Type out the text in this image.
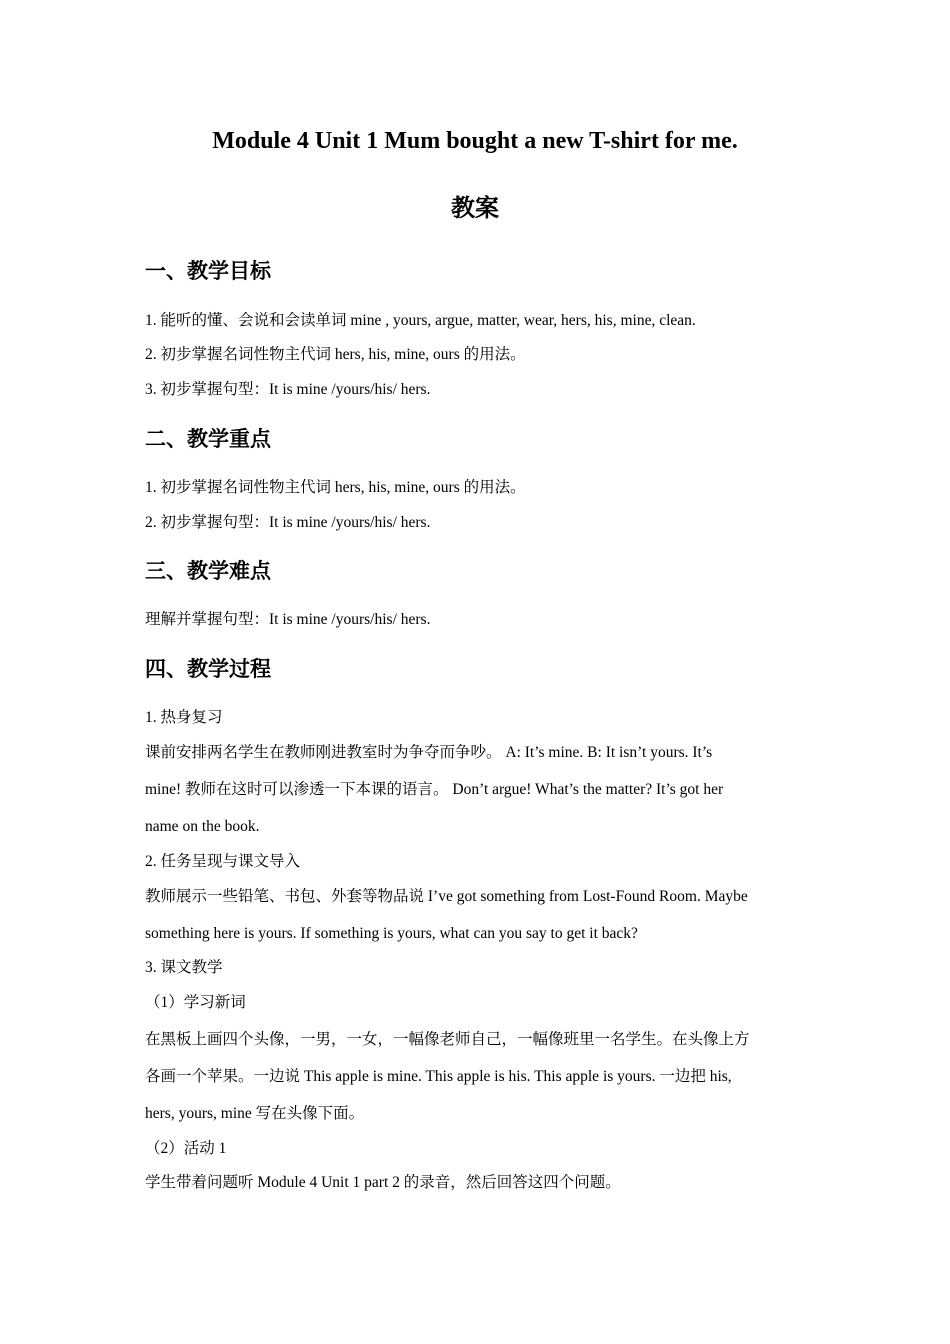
Module 4 Unit 1 Mum bought a new T-shirt for me.
教案
一、教学目标
1. 能听的懂、会说和会读单词 mine , yours, argue, matter, wear, hers, his, mine, clean.
2. 初步掌握名词性物主代词 hers, his, mine, ours 的用法。
3. 初步掌握句型：It is mine /yours/his/ hers.
二、教学重点
1. 初步掌握名词性物主代词 hers, his, mine, ours 的用法。
2. 初步掌握句型：It is mine /yours/his/ hers.
三、教学难点
理解并掌握句型：It is mine /yours/his/ hers.
四、教学过程
1. 热身复习
课前安排两名学生在教师刚进教室时为争夺而争吵。 A: It’s mine. B: It isn’t yours. It’s
mine! 教师在这时可以渗透一下本课的语言。 Don’t argue! What’s the matter? It’s got her
name on the book.
2. 任务呈现与课文导入
教师展示一些铅笔、书包、外套等物品说 I’ve got something from Lost-Found Room. Maybe
something here is yours. If something is yours, what can you say to get it back?
3. 课文教学
（1）学习新词
在黑板上画四个头像，一男，一女，一幅像老师自己，一幅像班里一名学生。在头像上方
各画一个苹果。一边说 This apple is mine. This apple is his. This apple is yours. 一边把 his,
hers, yours, mine 写在头像下面。
（2）活动 1
学生带着问题听 Module 4 Unit 1 part 2 的录音，然后回答这四个问题。
